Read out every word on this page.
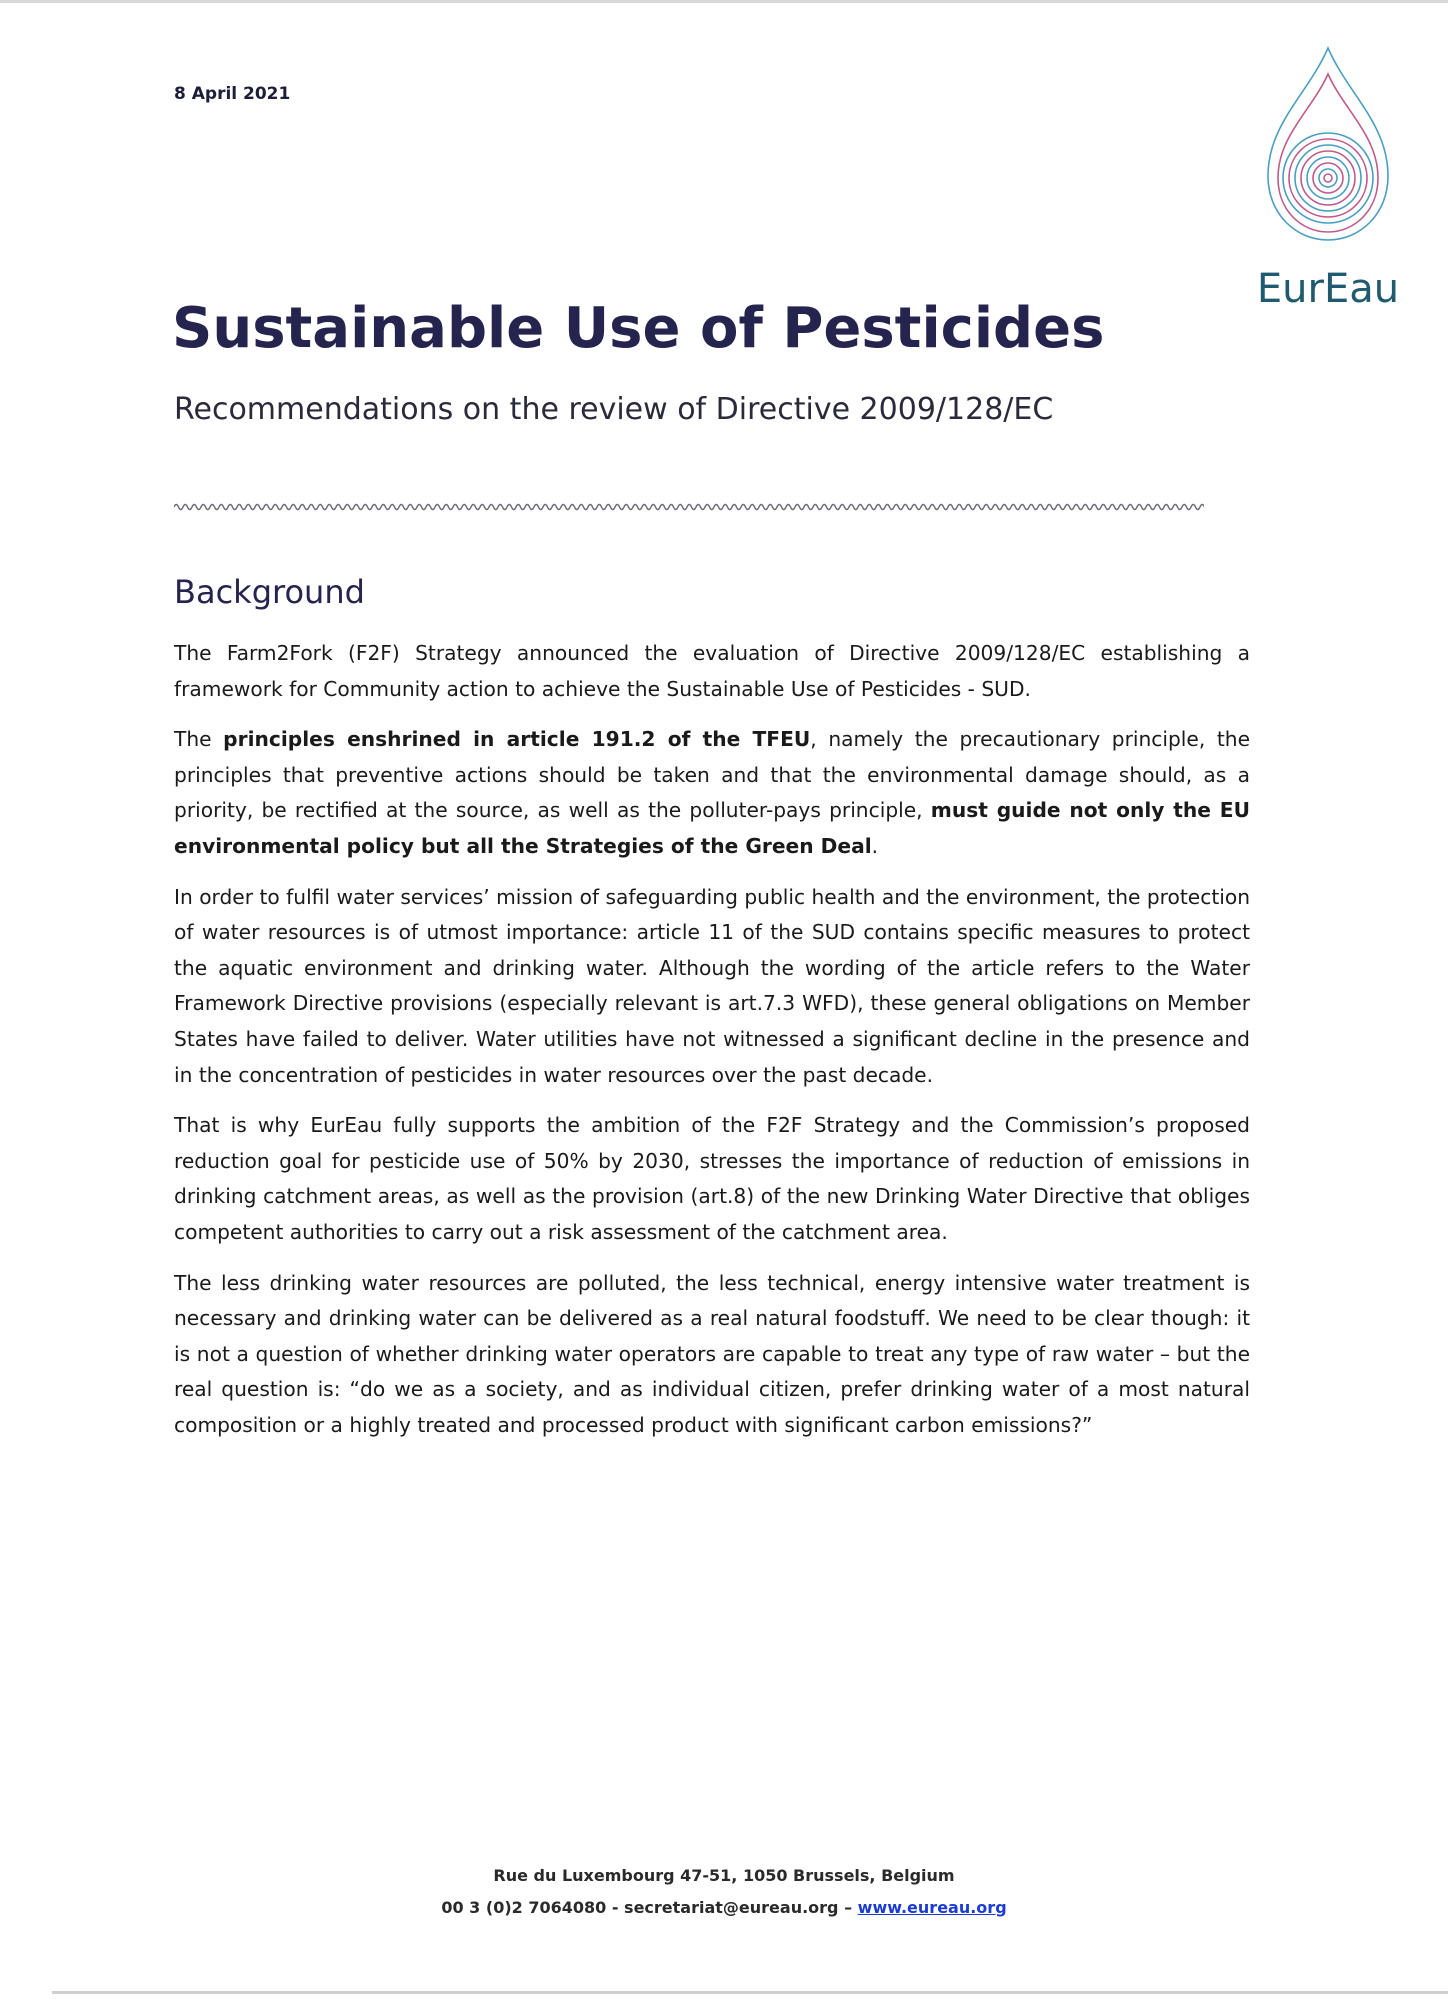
8 April 2021
EurEau
Sustainable Use of Pesticides
Recommendations on the review of Directive 2009/128/EC
Background

The Farm2Fork (F2F) Strategy announced the evaluation of Directive 2009/128/EC establishing a framework for Community action to achieve the Sustainable Use of Pesticides - SUD.

The principles enshrined in article 191.2 of the TFEU, namely the precautionary principle, the principles that preventive actions should be taken and that the environmental damage should, as a priority, be rectified at the source, as well as the polluter-pays principle, must guide not only the EU environmental policy but all the Strategies of the Green Deal.

In order to fulfil water services’ mission of safeguarding public health and the environment, the protection of water resources is of utmost importance: article 11 of the SUD contains specific measures to protect the aquatic environment and drinking water. Although the wording of the article refers to the Water Framework Directive provisions (especially relevant is art.7.3 WFD), these general obligations on Member States have failed to deliver. Water utilities have not witnessed a significant decline in the presence and in the concentration of pesticides in water resources over the past decade.

That is why EurEau fully supports the ambition of the F2F Strategy and the Commission’s proposed reduction goal for pesticide use of 50% by 2030, stresses the importance of reduction of emissions in drinking catchment areas, as well as the provision (art.8) of the new Drinking Water Directive that obliges competent authorities to carry out a risk assessment of the catchment area.

The less drinking water resources are polluted, the less technical, energy intensive water treatment is necessary and drinking water can be delivered as a real natural foodstuff. We need to be clear though: it is not a question of whether drinking water operators are capable to treat any type of raw water – but the real question is: “do we as a society, and as individual citizen, prefer drinking water of a most natural composition or a highly treated and processed product with significant carbon emissions?”

Rue du Luxembourg 47-51, 1050 Brussels, Belgium
00 3 (0)2 7064080 - secretariat@eureau.org – www.eureau.org
